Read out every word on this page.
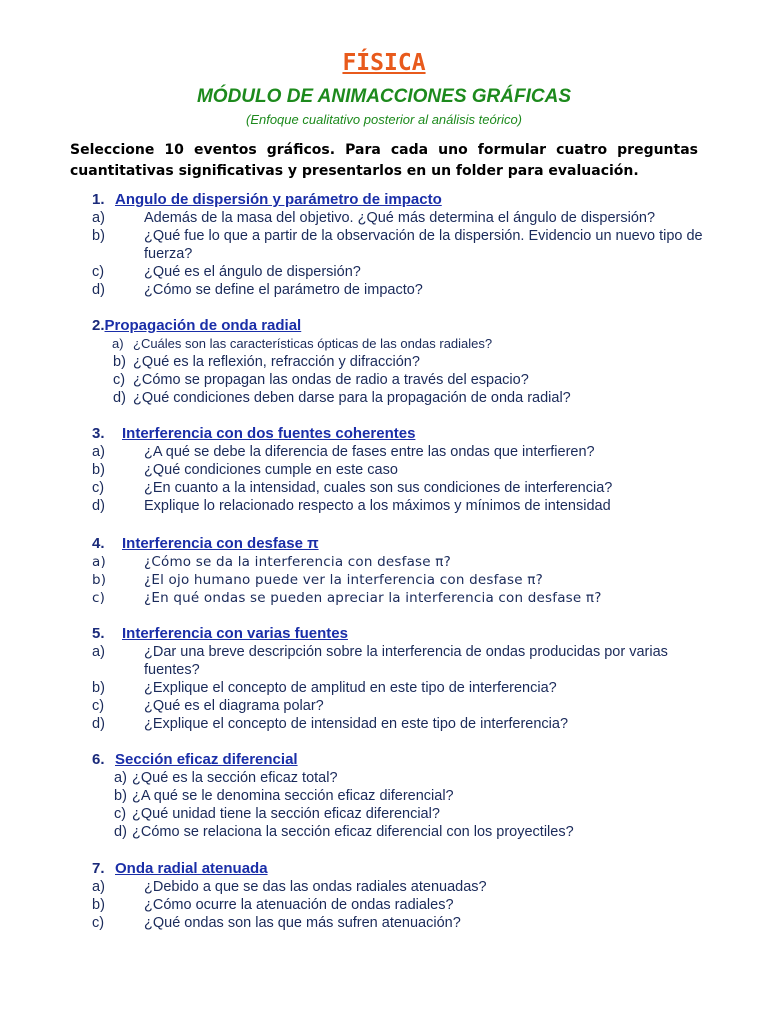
FÍSICA
MÓDULO DE ANIMACCIONES GRÁFICAS
(Enfoque cualitativo posterior al análisis teórico)
Seleccione 10 eventos gráficos. Para cada uno formular cuatro preguntas cuantitativas significativas y presentarlos en un folder para evaluación.
1. Angulo de dispersión y parámetro de impacto
a)	Además de la masa del objetivo. ¿Qué más determina el ángulo de dispersión?
b)	¿Qué fue lo que a partir de la observación de la dispersión. Evidencio un nuevo tipo de fuerza?
c)	¿Qué es el ángulo de dispersión?
d)	¿Cómo se define el parámetro de impacto?
2.Propagación de onda radial
a) ¿Cuáles son las características ópticas de las ondas radiales?
b) ¿Qué es la reflexión, refracción y difracción?
c) ¿Cómo se propagan las ondas de radio a través del espacio?
d) ¿Qué condiciones deben darse para la propagación de onda radial?
3. Interferencia con dos fuentes coherentes
a)	¿A qué se debe la diferencia de fases entre las ondas que interfieren?
b)	¿Qué condiciones cumple en este caso
c)	¿En cuanto a la intensidad, cuales son sus condiciones de interferencia?
d)	Explique lo relacionado respecto a los máximos y mínimos de intensidad
4. Interferencia con desfase π
a)	¿Cómo se da la interferencia con desfase π?
b)	¿El ojo humano puede ver la interferencia con desfase π?
c)	¿En qué ondas se pueden apreciar la interferencia con desfase π?
5. Interferencia con varias fuentes
a)	¿Dar una breve descripción sobre la interferencia de ondas producidas por varias fuentes?
b)	¿Explique el concepto de amplitud en este tipo de interferencia?
c)	¿Qué es el diagrama polar?
d)	¿Explique el concepto de intensidad en este tipo de interferencia?
6. Sección eficaz diferencial
a) ¿Qué es la sección eficaz total?
b) ¿A qué se le denomina sección eficaz diferencial?
c) ¿Qué unidad tiene la sección eficaz diferencial?
d) ¿Cómo se relaciona la sección eficaz diferencial con los proyectiles?
7. Onda radial atenuada
a)	¿Debido a que se das las ondas radiales atenuadas?
b)	¿Cómo ocurre la atenuación de ondas radiales?
c)	¿Qué ondas son las que más sufren atenuación?
